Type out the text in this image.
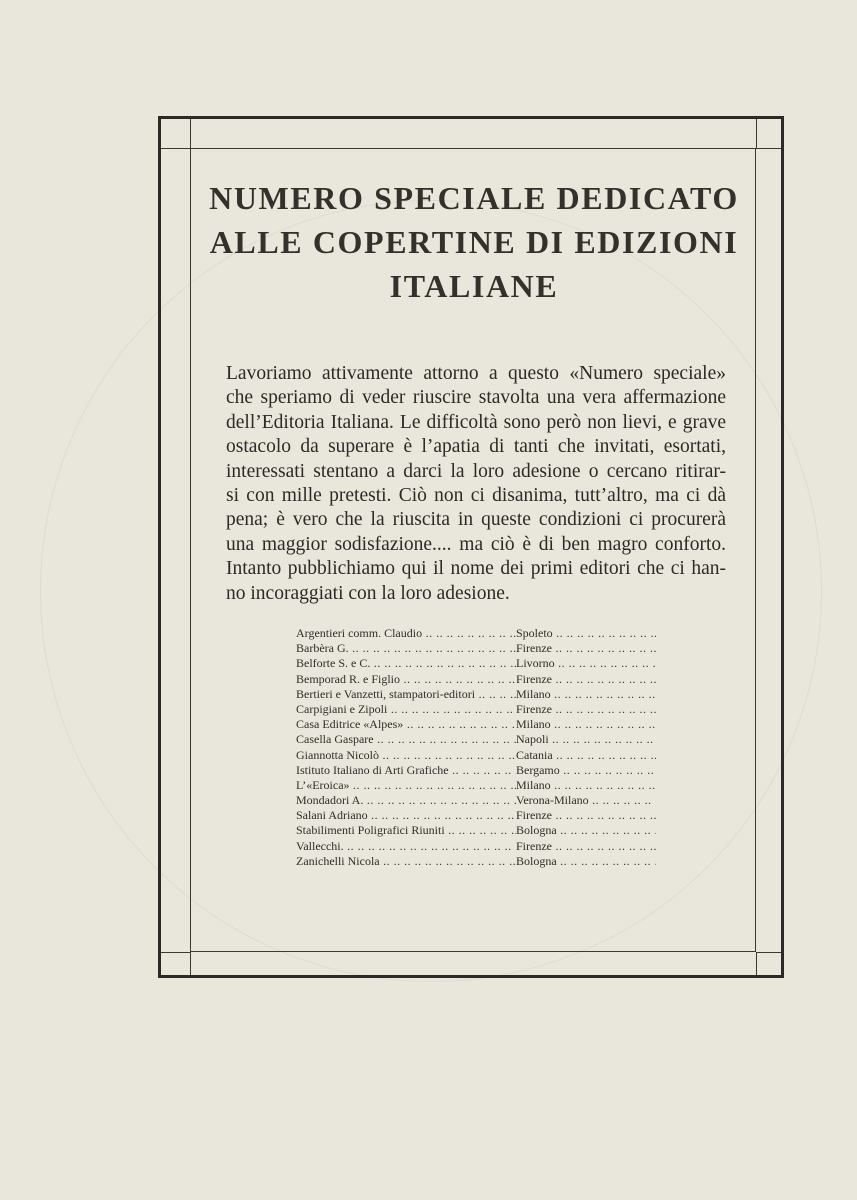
NUMERO SPECIALE DEDICATO
ALLE COPERTINE DI EDIZIONI
ITALIANE
Lavoriamo attivamente attorno a questo «Numero speciale»
che speriamo di veder riuscire stavolta una vera affermazione
dell’Editoria Italiana. Le difficoltà sono però non lievi, e grave
ostacolo da superare è l’apatia di tanti che invitati, esortati,
interessati stentano a darci la loro adesione o cercano ritirar-
si con mille pretesti. Ciò non ci disanima, tutt’altro, ma ci dà
pena; è vero che la riuscita in queste condizioni ci procurerà
una maggior sodisfazione.... ma ciò è di ben magro conforto.
Intanto pubblichiamo qui il nome dei primi editori che ci han-
no incoraggiati con la loro adesione.
Argentieri comm. Claudio .. ..	Spoleto .. ..
Barbèra G. .. ..	Firenze .. ..
Belforte S. e C. .. ..	Livorno .. ..
Bemporad R. e Figlio .. ..	Firenze .. ..
Bertieri e Vanzetti, stampatori-editori .. ..	Milano .. ..
Carpigiani e Zipoli .. ..	Firenze .. ..
Casa Editrice «Alpes» .. ..	Milano .. ..
Casella Gaspare .. ..	Napoli .. ..
Giannotta Nicolò .. ..	Catania .. ..
Istituto Italiano di Arti Grafiche .. ..	Bergamo .. ..
L’«Eroica» .. ..	Milano .. ..
Mondadori A. .. ..	Verona-Milano .. ..
Salani Adriano .. ..	Firenze .. ..
Stabilimenti Poligrafici Riuniti .. ..	Bologna .. ..
Vallecchi. .. ..	Firenze .. ..
Zanichelli Nicola .. ..	Bologna .. ..
